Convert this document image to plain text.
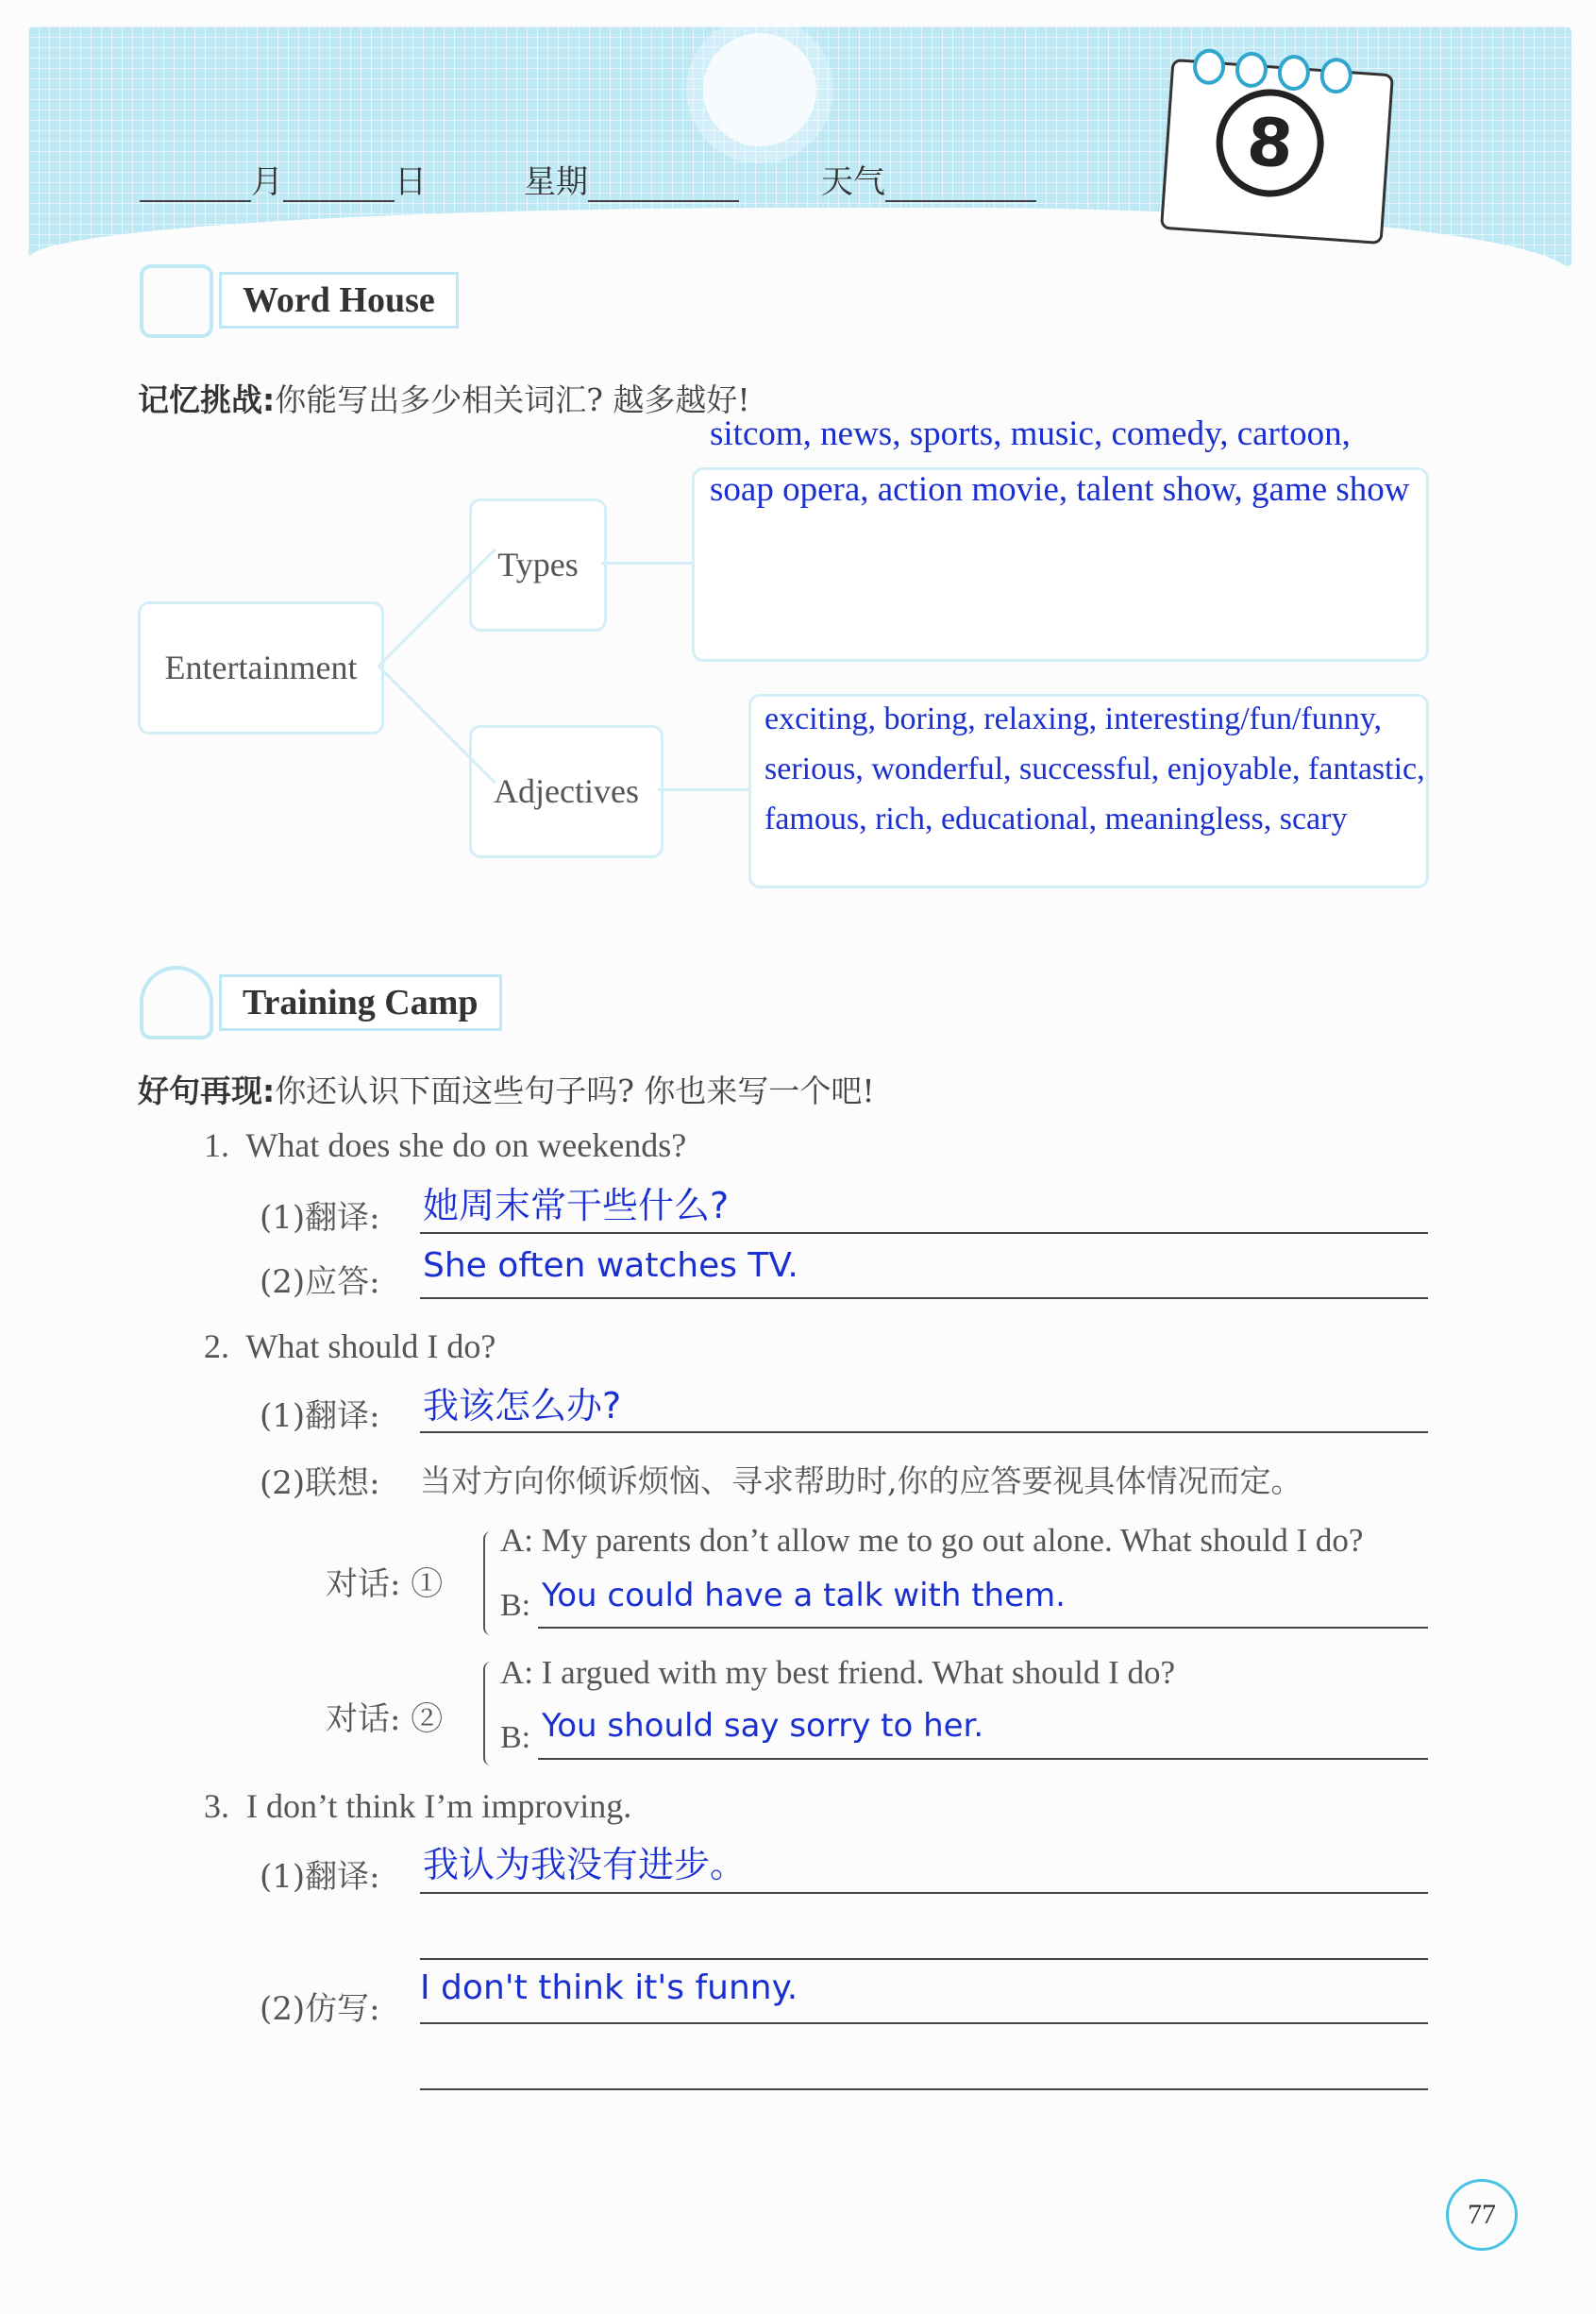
月	日	星期	天气	8
Word House
记忆挑战:你能写出多少相关词汇? 越多越好!
Entertainment
Types
Adjectives
sitcom, news, sports, music, comedy, cartoon,
soap opera, action movie, talent show, game show
exciting, boring, relaxing, interesting/fun/funny,
serious, wonderful, successful, enjoyable, fantastic,
famous, rich, educational, meaningless, scary
Training Camp
好句再现:你还认识下面这些句子吗? 你也来写一个吧!
1. What does she do on weekends?
(1)翻译: 她周末常干些什么?
(2)应答: She often watches TV.
2. What should I do?
(1)翻译: 我该怎么办?
(2)联想: 当对方向你倾诉烦恼、寻求帮助时,你的应答要视具体情况而定。
对话: ①
A: My parents don’t allow me to go out alone. What should I do?
B: You could have a talk with them.
对话: ②
A: I argued with my best friend. What should I do?
B: You should say sorry to her.
3. I don’t think I’m improving.
(1)翻译: 我认为我没有进步。
(2)仿写:
I don't think it's funny.
77
